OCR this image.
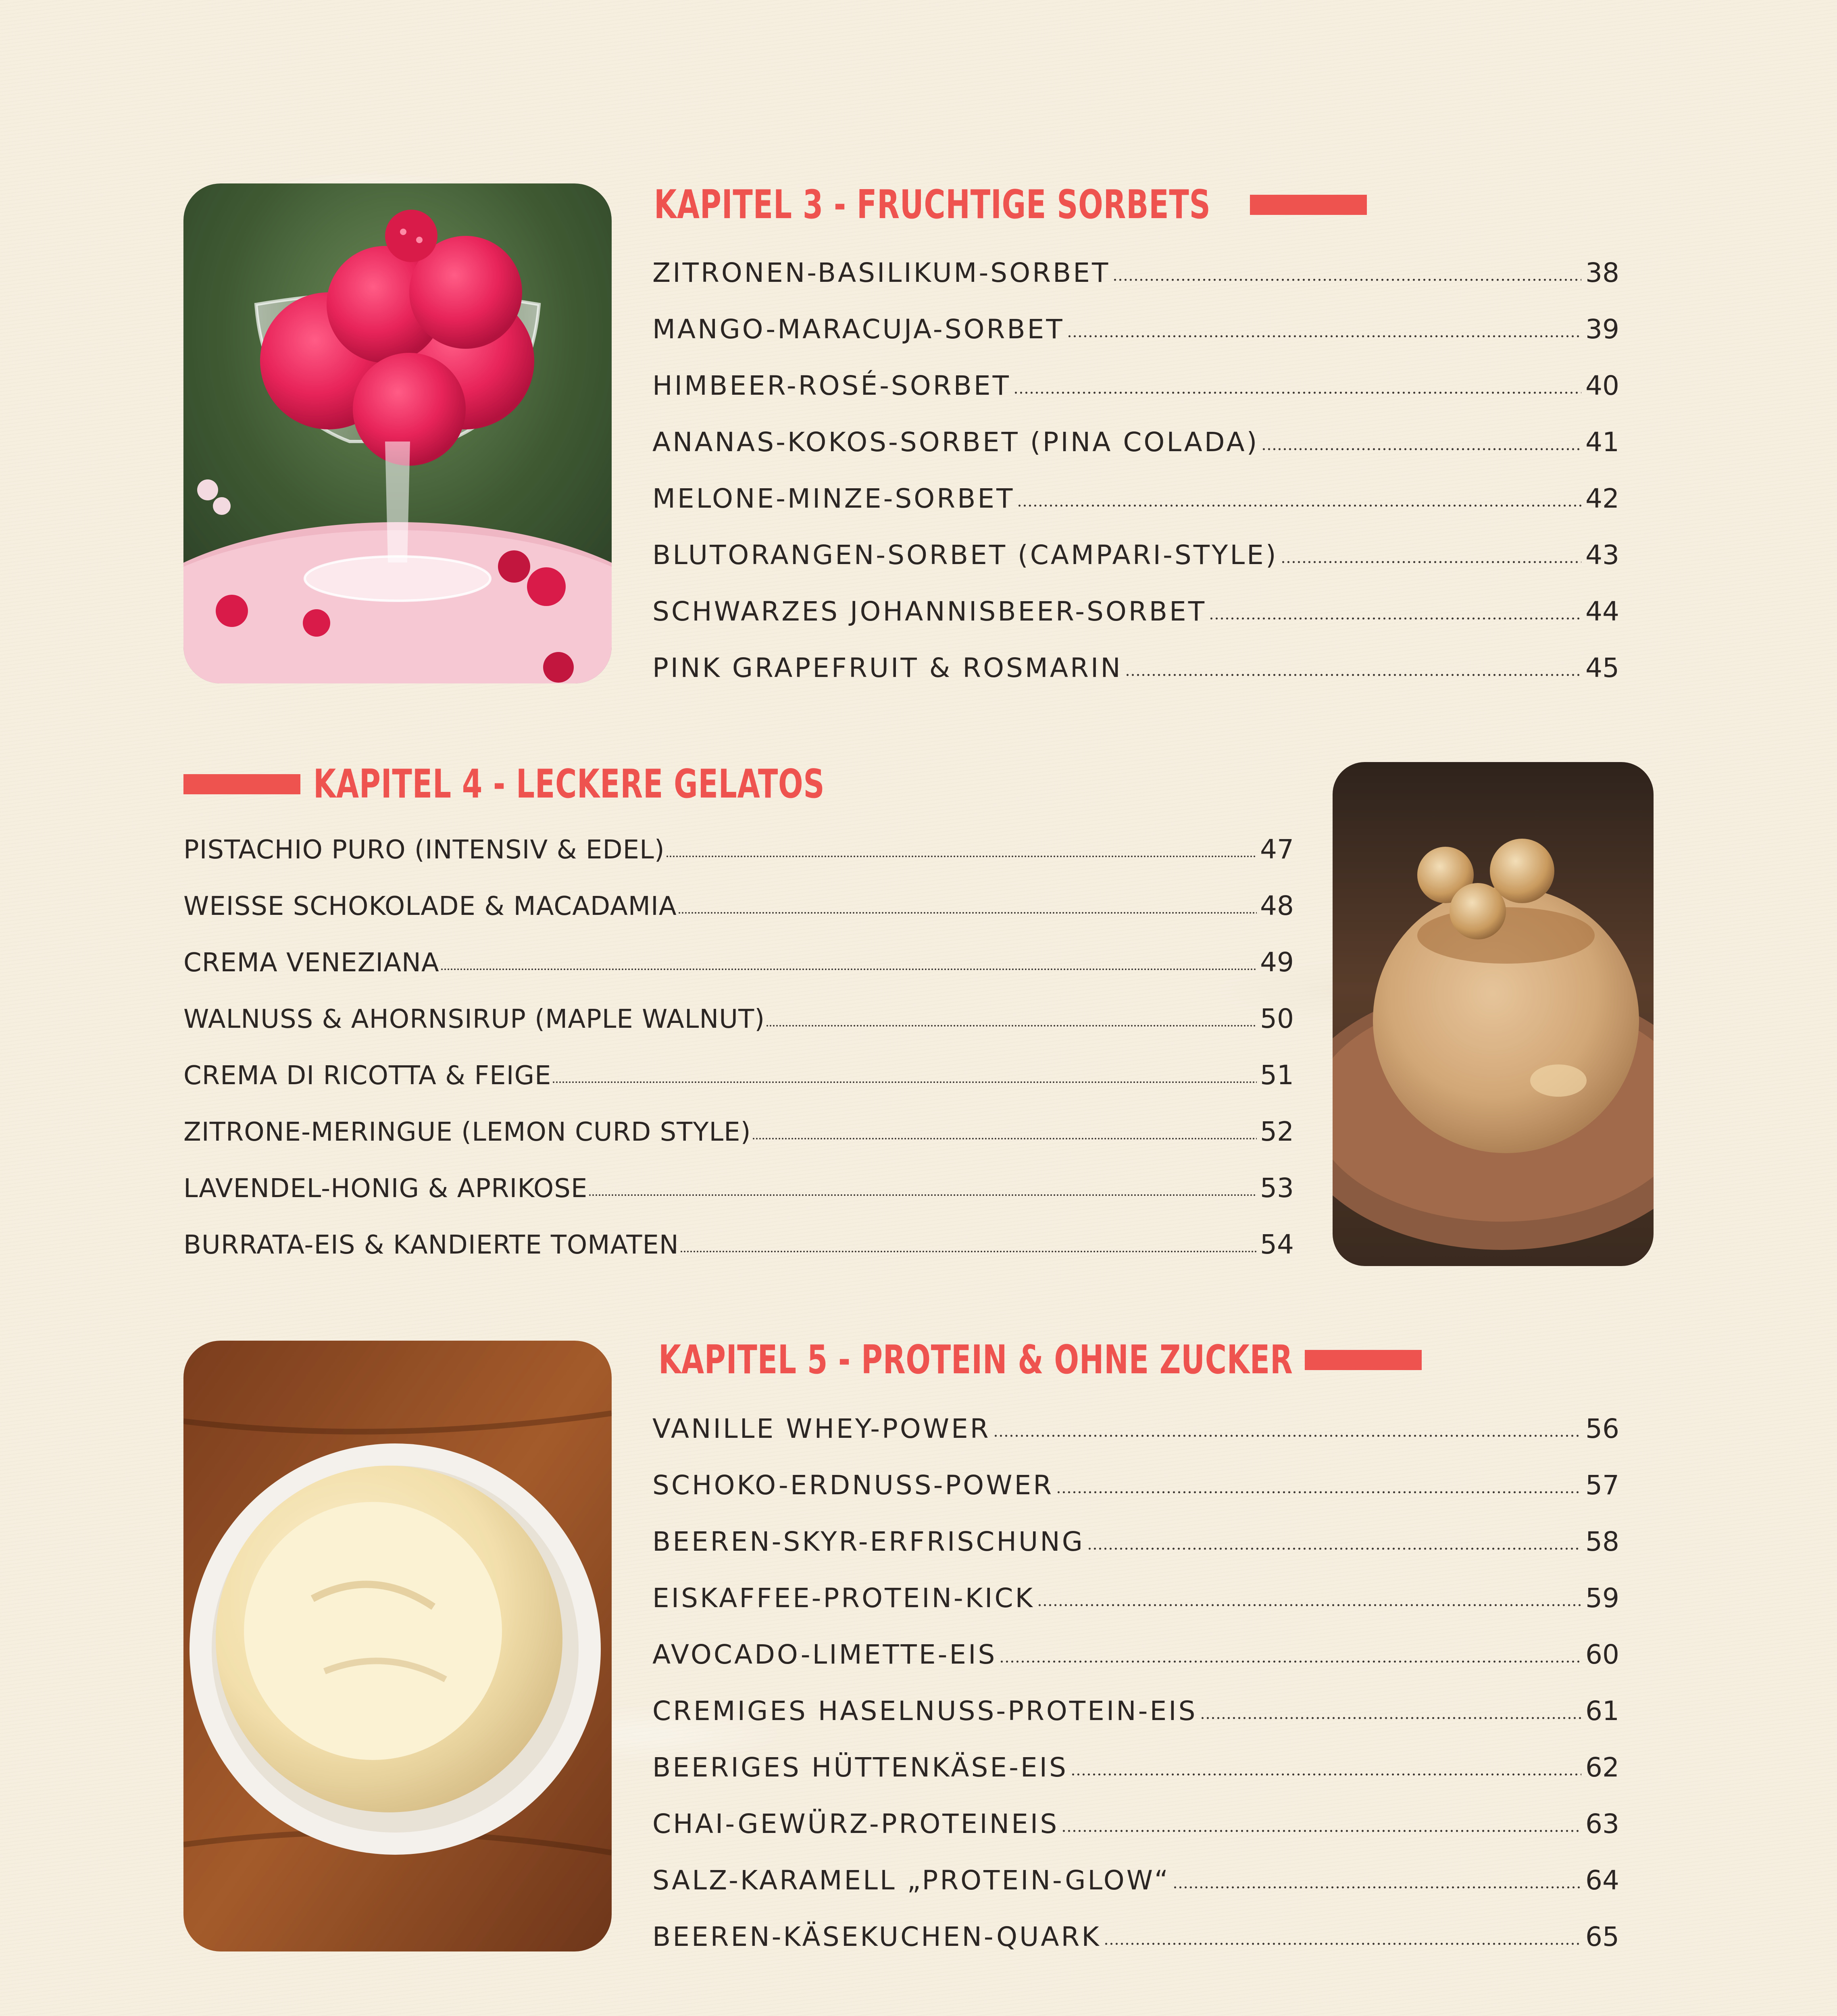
KAPITEL 3 - FRUCHTIGE SORBETS
ZITRONEN-BASILIKUM-SORBET	38
MANGO-MARACUJA-SORBET	39
HIMBEER-ROSÉ-SORBET	40
ANANAS-KOKOS-SORBET (PINA COLADA)	41
MELONE-MINZE-SORBET	42
BLUTORANGEN-SORBET (CAMPARI-STYLE)	43
SCHWARZES JOHANNISBEER-SORBET	44
PINK GRAPEFRUIT & ROSMARIN	45
KAPITEL 4 - LECKERE GELATOS
PISTACHIO PURO (INTENSIV & EDEL)	47
WEISSE SCHOKOLADE & MACADAMIA	48
CREMA VENEZIANA	49
WALNUSS & AHORNSIRUP (MAPLE WALNUT)	50
CREMA DI RICOTTA & FEIGE	51
ZITRONE-MERINGUE (LEMON CURD STYLE)	52
LAVENDEL-HONIG & APRIKOSE	53
BURRATA-EIS & KANDIERTE TOMATEN	54
KAPITEL 5 - PROTEIN & OHNE ZUCKER
VANILLE WHEY-POWER	56
SCHOKO-ERDNUSS-POWER	57
BEEREN-SKYR-ERFRISCHUNG	58
EISKAFFEE-PROTEIN-KICK	59
AVOCADO-LIMETTE-EIS	60
CREMIGES HASELNUSS-PROTEIN-EIS	61
BEERIGES HÜTTENKÄSE-EIS	62
CHAI-GEWÜRZ-PROTEINEIS	63
SALZ-KARAMELL „PROTEIN-GLOW“	64
BEEREN-KÄSEKUCHEN-QUARK	65
